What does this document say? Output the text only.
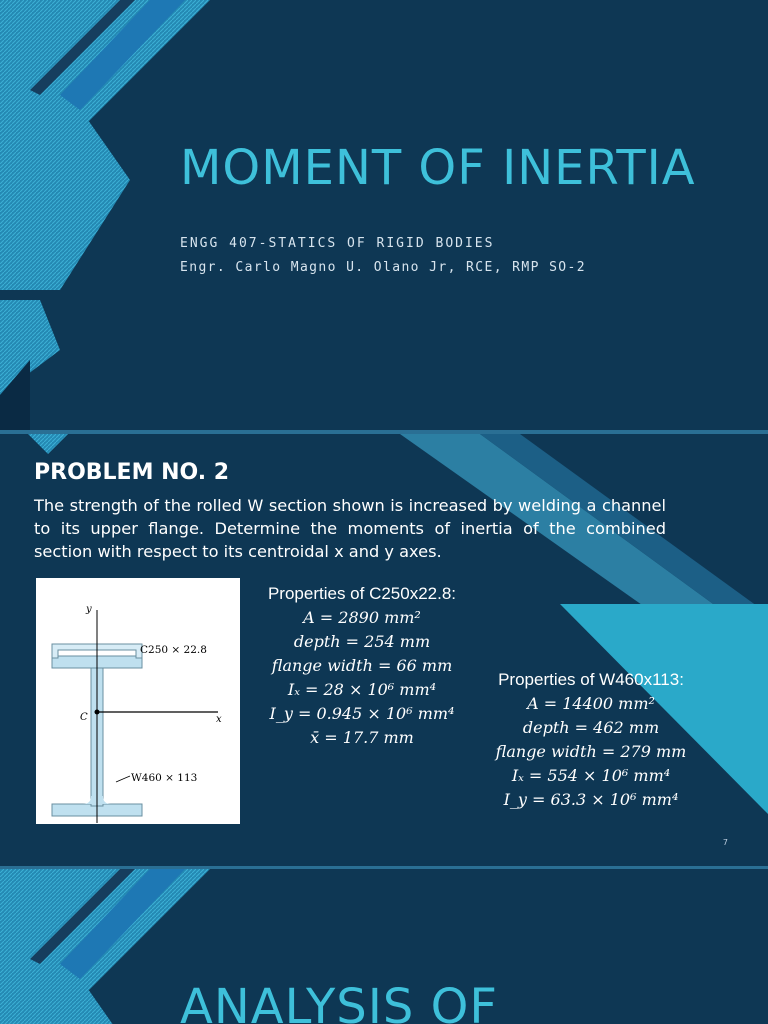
MOMENT OF INERTIA
ENGG 407-STATICS OF RIGID BODIES
Engr. Carlo Magno U. Olano Jr, RCE, RMP SO-2
PROBLEM NO. 2

The strength of the rolled W section shown is increased by welding a channel to its upper flange. Determine the moments of inertia of the combined section with respect to its centroidal x and y axes.

y
x
C
C250 × 22.8
W460 × 113
Properties of C250x22.8:
A = 2890 mm²
depth = 254 mm
flange width = 66 mm
Iₓ = 28 × 10⁶ mm⁴
I_y = 0.945 × 10⁶ mm⁴
x̄ = 17.7 mm
Properties of W460x113:
A = 14400 mm²
depth = 462 mm
flange width = 279 mm
Iₓ = 554 × 10⁶ mm⁴
I_y = 63.3 × 10⁶ mm⁴
7
ANALYSIS OF
